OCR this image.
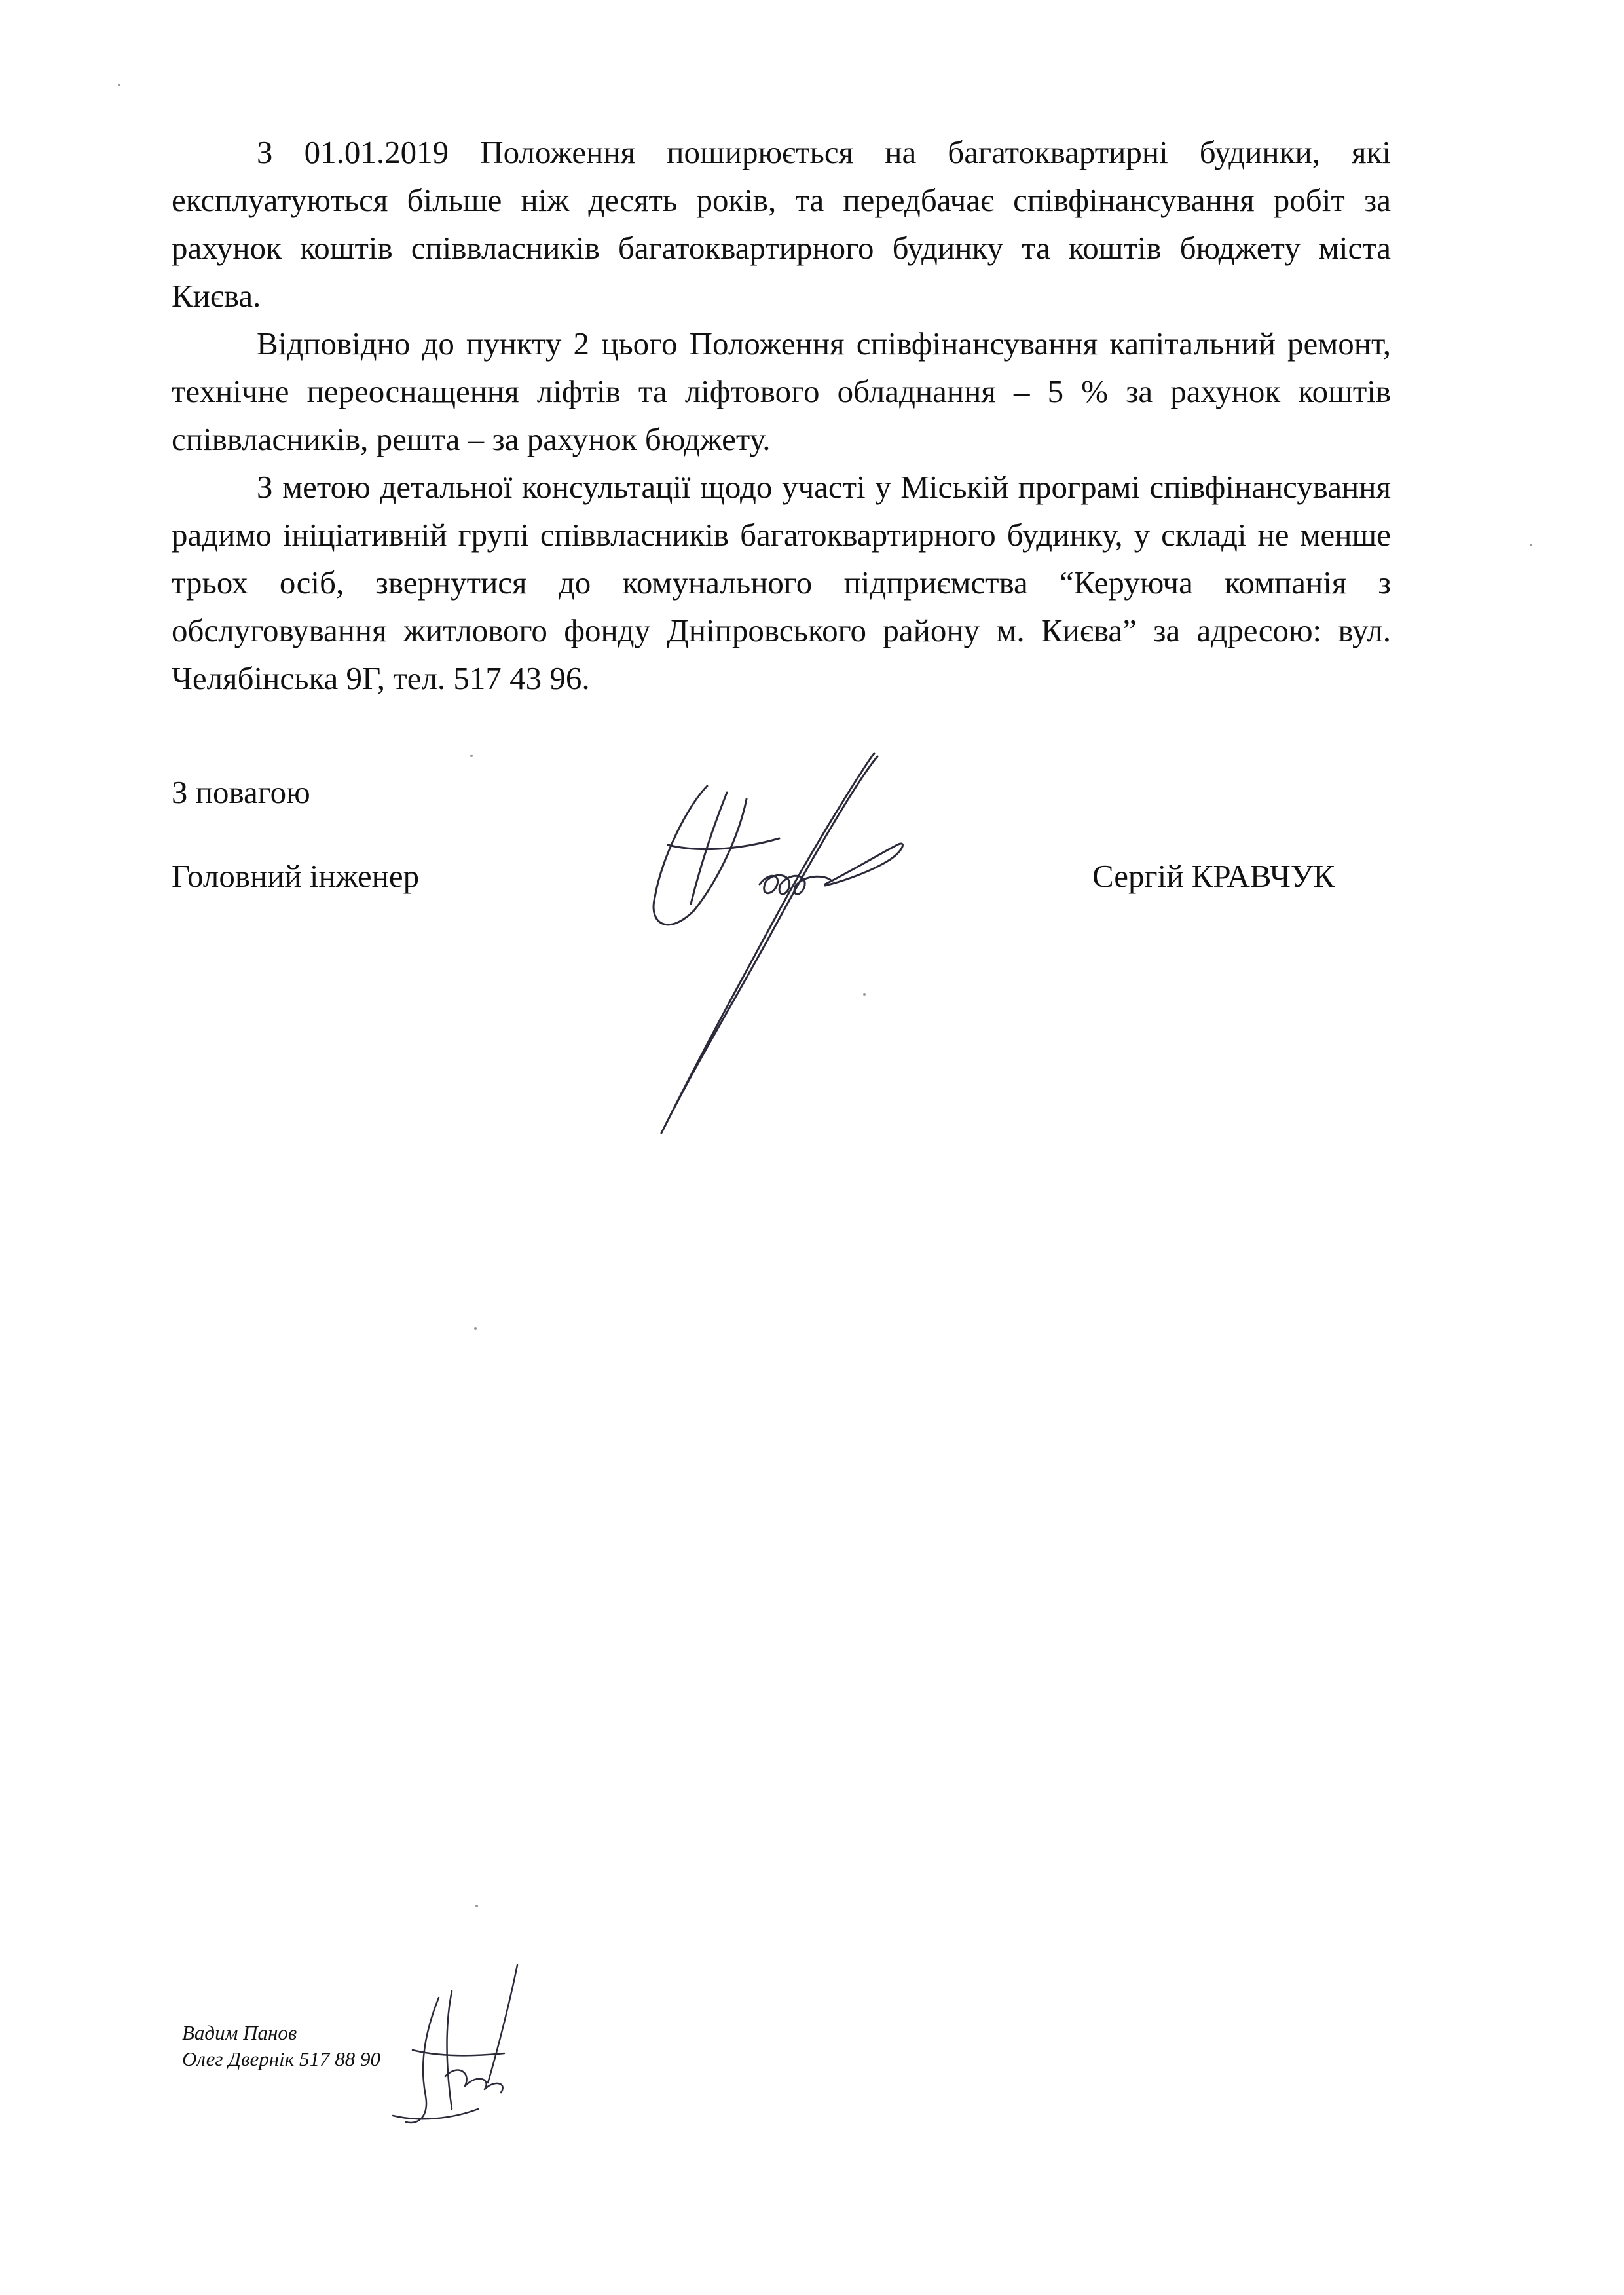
З 01.01.2019 Положення поширюється на багатоквартирні будинки, які експлуатуються більше ніж десять років, та передбачає співфінансування робіт за рахунок коштів співвласників багатоквартирного будинку та коштів бюджету міста Києва.

Відповідно до пункту 2 цього Положення співфінансування капітальний ремонт, технічне переоснащення ліфтів та ліфтового обладнання – 5 % за рахунок коштів співвласників, решта – за рахунок бюджету.

З метою детальної консультації щодо участі у Міській програмі співфінансування радимо ініціативній групі співвласників багатоквартирного будинку, у складі не менше трьох осіб, звернутися до комунального підприємства “Керуюча компанія з обслуговування житлового фонду Дніпровського району м. Києва” за адресою: вул. Челябінська 9Г, тел. 517 43 96.

З повагою
Головний інженер	Сергій КРАВЧУК
Вадим Панов
Олег Двернік 517 88 90
